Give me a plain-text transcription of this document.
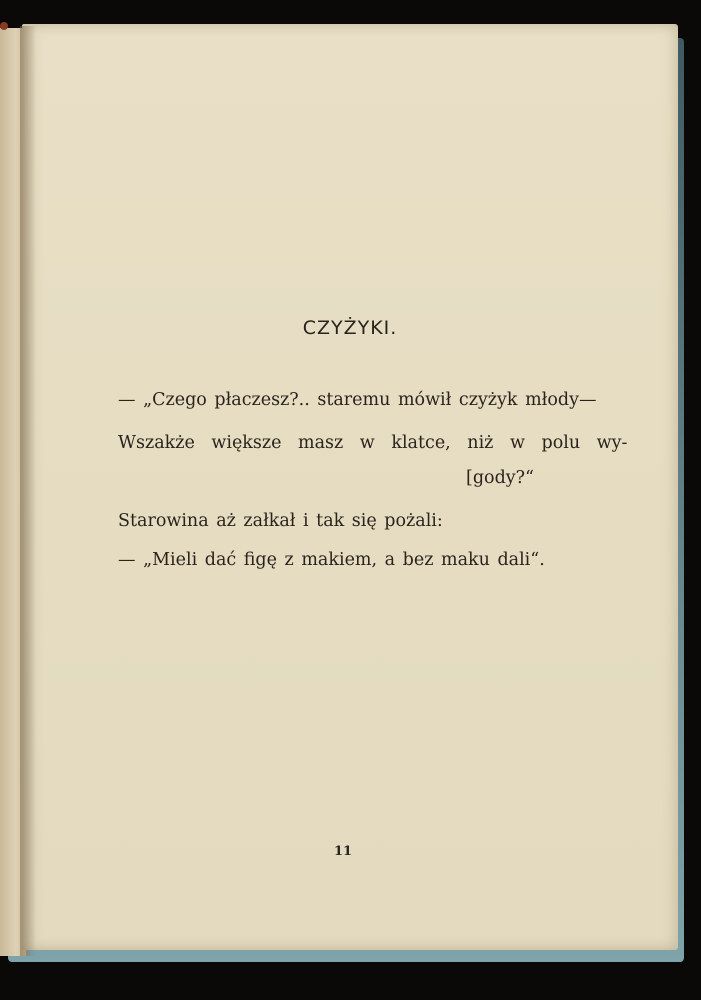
CZYŻYKI.
— „Czego płaczesz?.. staremu mówił czyżyk młody—
Wszakże większe masz w klatce, niż w polu wy-
[gody?“
Starowina aż załkał i tak się pożali:
— „Mieli dać figę z makiem, a bez maku dali“.
11
